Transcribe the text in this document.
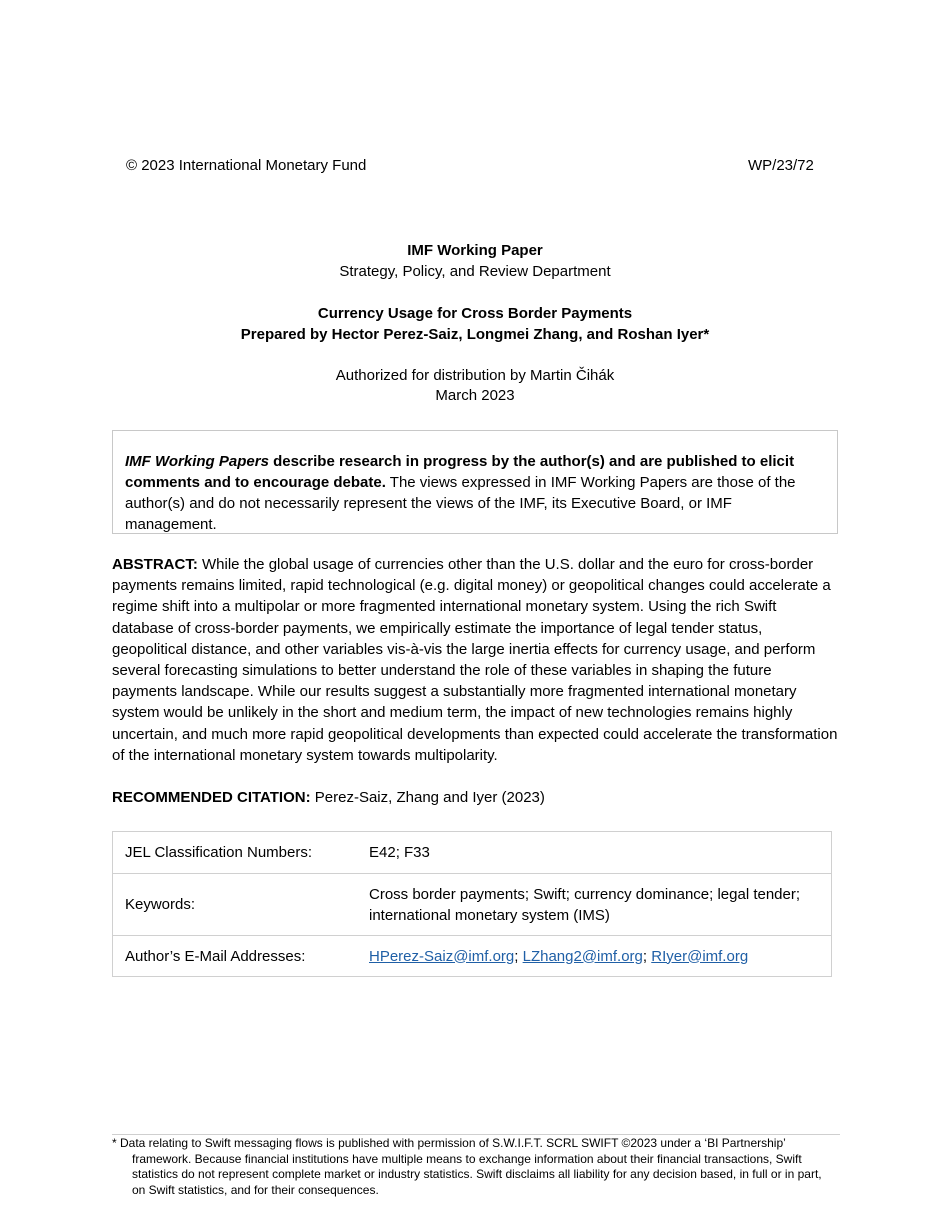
© 2023 International Monetary Fund	WP/23/72
IMF Working Paper
Strategy, Policy, and Review Department
Currency Usage for Cross Border Payments
Prepared by Hector Perez-Saiz, Longmei Zhang, and Roshan Iyer*
Authorized for distribution by Martin Čihák
March 2023
IMF Working Papers describe research in progress by the author(s) and are published to elicit comments and to encourage debate. The views expressed in IMF Working Papers are those of the author(s) and do not necessarily represent the views of the IMF, its Executive Board, or IMF management.
ABSTRACT: While the global usage of currencies other than the U.S. dollar and the euro for cross-border payments remains limited, rapid technological (e.g. digital money) or geopolitical changes could accelerate a regime shift into a multipolar or more fragmented international monetary system. Using the rich Swift database of cross-border payments, we empirically estimate the importance of legal tender status, geopolitical distance, and other variables vis-à-vis the large inertia effects for currency usage, and perform several forecasting simulations to better understand the role of these variables in shaping the future payments landscape. While our results suggest a substantially more fragmented international monetary system would be unlikely in the short and medium term, the impact of new technologies remains highly uncertain, and much more rapid geopolitical developments than expected could accelerate the transformation of the international monetary system towards multipolarity.
RECOMMENDED CITATION: Perez-Saiz, Zhang and Iyer (2023)
JEL Classification Numbers:	E42; F33
Keywords:	Cross border payments; Swift; currency dominance; legal tender; international monetary system (IMS)
Author’s E-Mail Addresses:	HPerez-Saiz@imf.org; LZhang2@imf.org; RIyer@imf.org
* Data relating to Swift messaging flows is published with permission of S.W.I.F.T. SCRL SWIFT ©2023 under a ‘BI Partnership’ framework. Because financial institutions have multiple means to exchange information about their financial transactions, Swift statistics do not represent complete market or industry statistics. Swift disclaims all liability for any decision based, in full or in part, on Swift statistics, and for their consequences.
